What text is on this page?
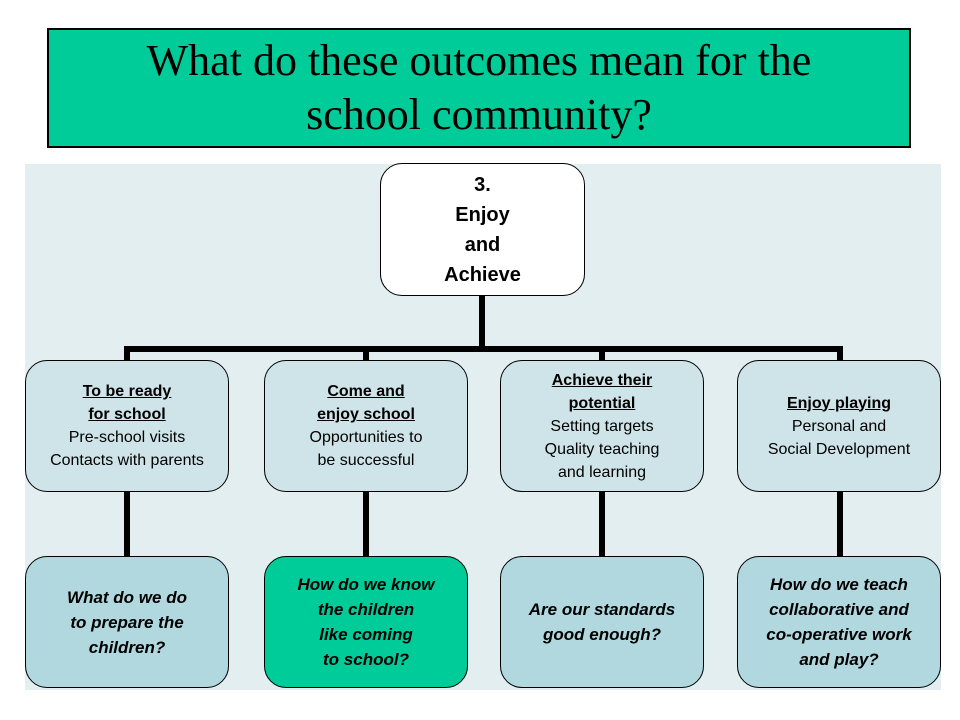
What do these outcomes mean for the
school community?

3.
Enjoy
and
Achieve
To be ready
for school
Pre-school visits
Contacts with parents
What do we do
to prepare the
children?
Come and
enjoy school
Opportunities to
be successful
How do we know
the children
like coming
to school?
Achieve their
potential
Setting targets
Quality teaching
and learning
Are our standards
good enough?
Enjoy playing
Personal and
Social Development
How do we teach
collaborative and
co-operative work
and play?
